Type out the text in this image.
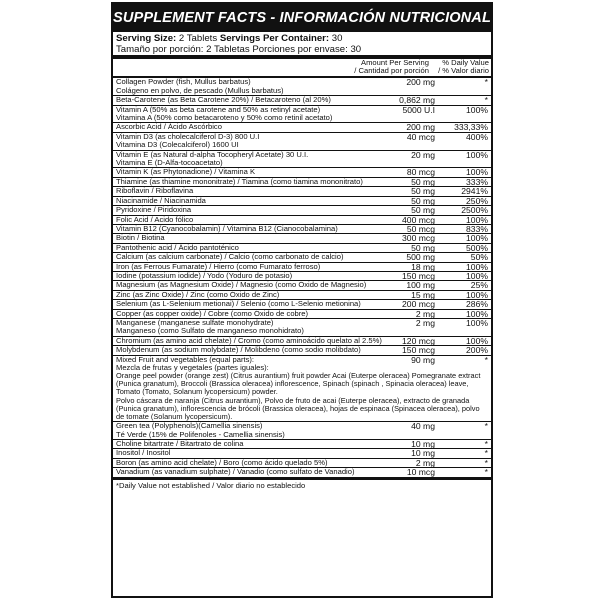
SUPPLEMENT FACTS - INFORMACIÓN NUTRICIONAL
Serving Size: 2 Tablets Servings Per Container: 30
Tamaño por porción: 2 Tabletas Porciones por envase: 30
Amount Per Serving
/ Cantidad por porción
% Daily Value
/ % Valor diario
Collagen Powder (fish, Mullus barbatus)
Colágeno en polvo, de pescado (Mullus barbatus)
200 mg	*
Beta-Carotene (as Beta Carotene 20%) / Betacaroteno (al 20%)	0,862 mg	*
Vitamin A (50% as beta carotene and 50% as retinyl acetate)
Vitamina A (50% como betacaroteno y 50% como retinil acetato)
5000 U.I	100%
Ascorbic Acid / Ácido Ascórbico	200 mg 333,33%
Vitamin D3 (as cholecalciferol D-3) 800 U.I
Vitamina D3 (Colecalciferol) 1600 UI
40 mcg	400%
Vitamin E (as Natural d-alpha Tocopheryl Acetate) 30 U.I.
Vitamina E (D-Alfa-tocoacetato)
20 mg	100%
Vitamin K (as Phytonadione) / Vitamina K	80 mcg	100%
Thiamine (as thiamine mononitrate) / Tiamina (como tiamina mononitrato)	50 mg	333%
Riboflavin / Riboflavina	50 mg	2941%
Niacinamide / Niacinamida	50 mg	250%
Pyridoxine / Piridoxina	50 mg	2500%
Folic Acid / Acido fólico	400 mcg	100%
Vitamin B12 (Cyanocobalamin) / Vitamina B12 (Cianocobalamina)	50 mcg	833%
Biotin / Biotina	300 mcg	100%
Pantothenic acid / Ácido pantoténico	50 mg	500%
Calcium (as calcium carbonate) / Calcio (como carbonato de calcio)	500 mg	50%
Iron (as Ferrous Fumarate) / Hierro (como Fumarato ferroso)	18 mg	100%
Iodine (potassium iodide) / Yodo (Yoduro de potasio)	150 mcg	100%
Magnesium (as Magnesium Oxide) / Magnesio (como Óxido de Magnesio)	100 mg	25%
Zinc (as Zinc Oxide) / Zinc (como Óxido de Zinc)	15 mg	100%
Selenium (as L-Selenium metionai) / Selenio (como L-Selenio metionina)	200 mcg	286%
Copper (as copper oxide) / Cobre (como Óxido de cobre)	2 mg	100%
Manganese (manganese sulfate monohydrate)
Manganeso (como Sulfato de manganeso monohidrato)
2 mg	100%
Chromium (as amino acid chelate) / Cromo (como aminoácido quelato al 2.5%)	120 mcg	100%
Molybdenum (as sodium molybdate) / Molibdeno (como sodio molibdato)	150 mcg	200%
Mixed Fruit and vegetables (equal parts):
Mezcla de frutas y vegetales (partes iguales):
90 mg	*
Orange peel powder (orange zest) (Citrus aurantium) fruit powder Acai (Euterpe oleracea) Pomegranate extract (Punica granatum), Broccoli (Brassica oleracea) inflorescence, Spinach (spinach , Spinacia oleracea) leave, Tomato (Tomato, Solanum lycopersicum) powder.
Polvo cáscara de naranja (Citrus aurantium), Polvo de fruto de acai (Euterpe oleracea), extracto de granada (Punica granatum), inflorescencia de brócoli (Brassica oleracea), hojas de espinaca (Spinacea oleracea), polvo de tomate (Solanum lycopersicum).
Green tea (Polyphenols)(Camellia sinensis)
Té Verde (15% de Polifenoles - Camellia sinensis)
40 mg	*
Choline bitartrate / Bitartrato de colina	10 mg	*
Inositol / Inositol	10 mg	*
Boron (as amino acid chelate) / Boro (como ácido quelado 5%)	2 mg	*
Vanadium (as vanadium sulphate) / Vanadio (como sulfato de Vanadio)	10 mcg	*
*Daily Value not established / Valor diario no establecido
